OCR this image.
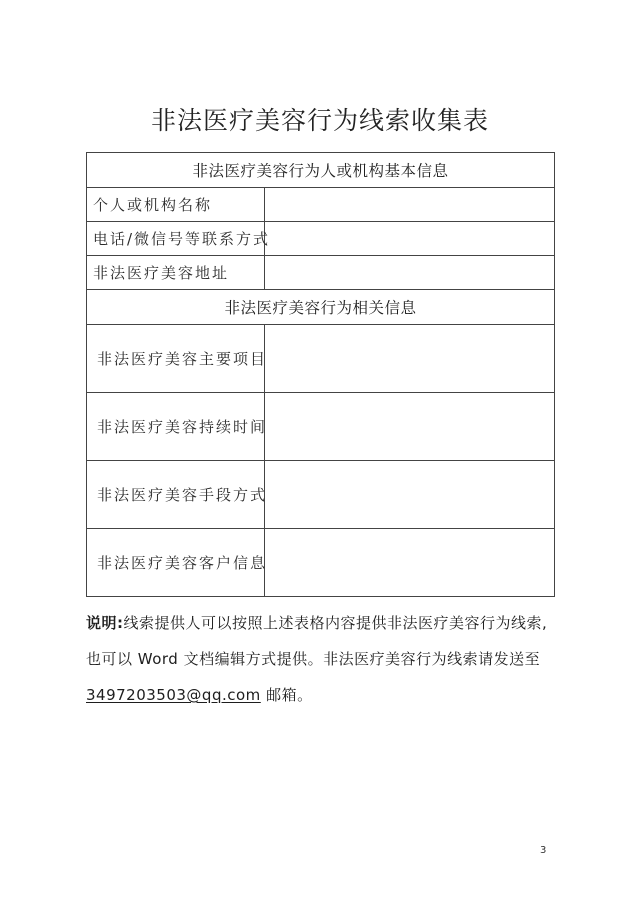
非法医疗美容行为线索收集表
非法医疗美容行为人或机构基本信息	
个人或机构名称	
电话/微信号等联系方式	
非法医疗美容地址	
非法医疗美容行为相关信息	
非法医疗美容主要项目	
非法医疗美容持续时间	
非法医疗美容手段方式	
非法医疗美容客户信息	
说明:线索提供人可以按照上述表格内容提供非法医疗美容行为线索,
也可以 Word 文档编辑方式提供。非法医疗美容行为线索请发送至
3497203503@qq.com 邮箱。
3
